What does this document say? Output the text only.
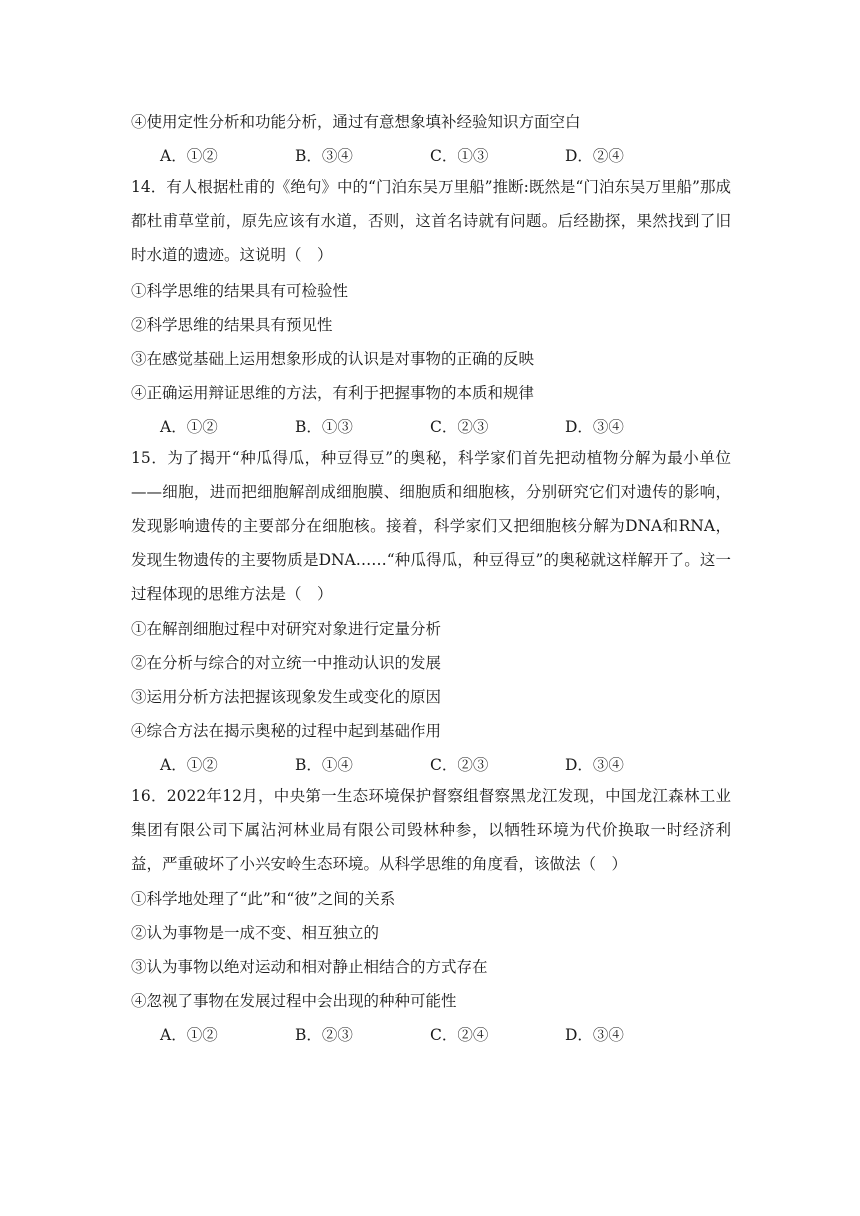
④使用定性分析和功能分析，通过有意想象填补经验知识方面空白
A．①②	B．③④	C．①③	D．②④
14．有人根据杜甫的《绝句》中的“门泊东吴万里船”推断:既然是“门泊东吴万里船”那成都杜甫草堂前，原先应该有水道，否则，这首名诗就有问题。后经勘探，果然找到了旧时水道的遗迹。这说明（　）
①科学思维的结果具有可检验性
②科学思维的结果具有预见性
③在感觉基础上运用想象形成的认识是对事物的正确的反映
④正确运用辩证思维的方法，有利于把握事物的本质和规律
A．①②	B．①③	C．②③	D．③④
15．为了揭开“种瓜得瓜，种豆得豆”的奥秘，科学家们首先把动植物分解为最小单位——细胞，进而把细胞解剖成细胞膜、细胞质和细胞核，分别研究它们对遗传的影响，发现影响遗传的主要部分在细胞核。接着，科学家们又把细胞核分解为DNA和RNA，发现生物遗传的主要物质是DNA……“种瓜得瓜，种豆得豆”的奥秘就这样解开了。这一过程体现的思维方法是（　）
①在解剖细胞过程中对研究对象进行定量分析
②在分析与综合的对立统一中推动认识的发展
③运用分析方法把握该现象发生或变化的原因
④综合方法在揭示奥秘的过程中起到基础作用
A．①②	B．①④	C．②③	D．③④
16．2022年12月，中央第一生态环境保护督察组督察黑龙江发现，中国龙江森林工业集团有限公司下属沾河林业局有限公司毁林种参，以牺牲环境为代价换取一时经济利益，严重破坏了小兴安岭生态环境。从科学思维的角度看，该做法（　）
①科学地处理了“此”和“彼”之间的关系
②认为事物是一成不变、相互独立的
③认为事物以绝对运动和相对静止相结合的方式存在
④忽视了事物在发展过程中会出现的种种可能性
A．①②	B．②③	C．②④	D．③④
